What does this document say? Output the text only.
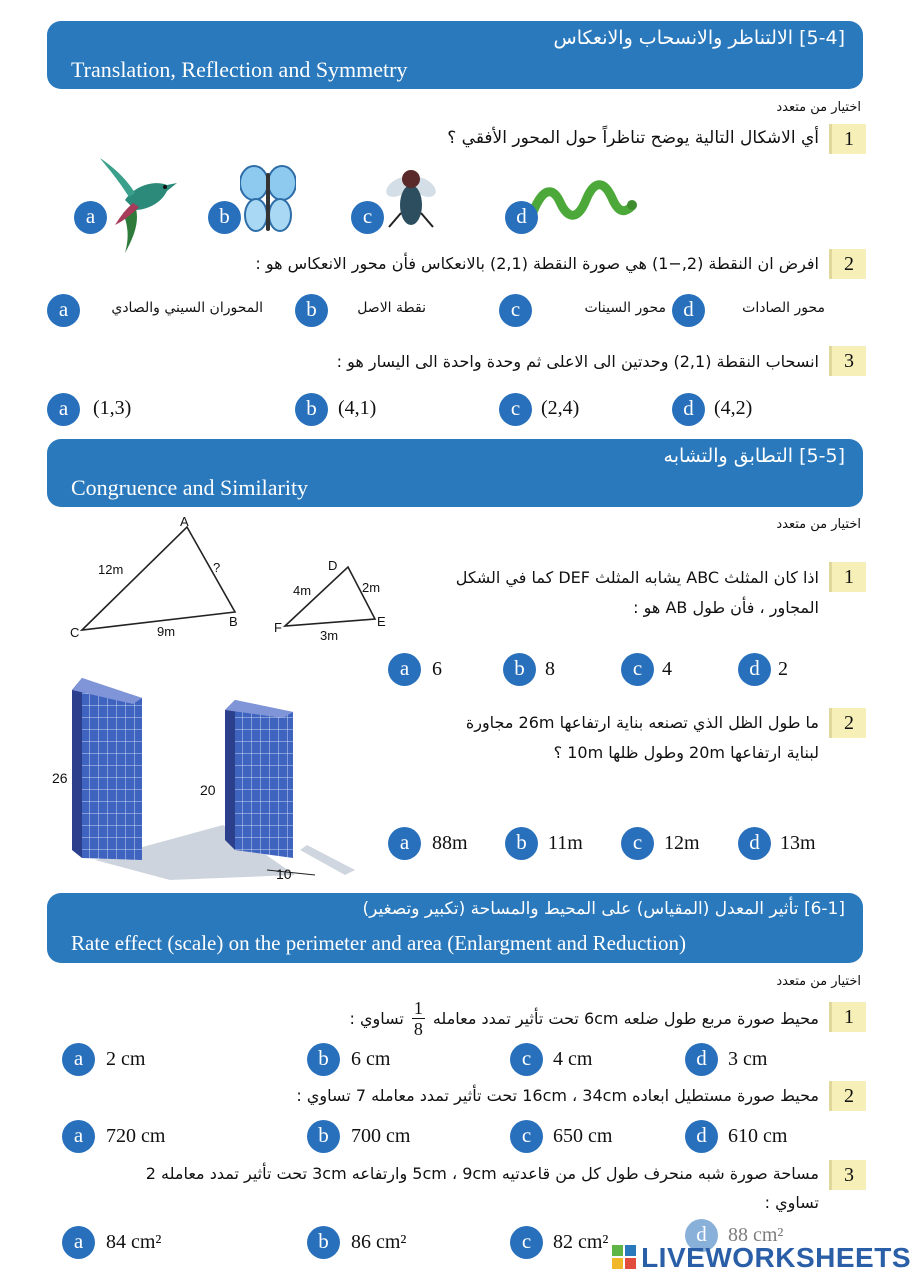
[5-4] الالتناظر والانسحاب والانعكاس
Translation, Reflection and Symmetry
اختيار من متعدد
1
أي الاشكال التالية يوضح تناظراً حول المحور الأفقي ؟
a	b	c	d
2
افرض ان النقطة (2,−1) هي صورة النقطة (2,1) بالانعكاس فأن محور الانعكاس هو :
a	المحوران السيني والصادي	b	نقطة الاصل	c	محور السينات d	محور الصادات
3
انسحاب النقطة (2,1) وحدتين الى الاعلى ثم وحدة واحدة الى اليسار هو :
a	(1,3)	b	(4,1)	c	(2,4)	d	(4,2)
[5-5] التطابق والتشابه
Congruence and Similarity
اختيار من متعدد
A
B
C
12m	?
9m
D
E
F
4m	2m
3m
1
اذا كان المثلث ABC يشابه المثلث DEF كما في الشكل
المجاور ، فأن طول AB هو :
a	6	b	8	c 4	d 2
26
20
10
2
ما طول الظل الذي تصنعه بناية ارتفاعها 26m مجاورة
لبناية ارتفاعها 20m وطول ظلها 10m ؟
a	88m	b	11m	c	12m	d	13m
[6-1] تأثير المعدل (المقياس) على المحيط والمساحة (تكبير وتصغير)
Rate effect (scale) on the perimeter and area (Enlargment and Reduction)
اختيار من متعدد
1
محيط صورة مربع طول ضلعه 6cm تحت تأثير تمدد معامله
$\frac{1}{8}$
تساوي :
a	2 cm	b	6 cm	c	4 cm	d	3 cm
2
محيط صورة مستطيل ابعاده 16cm ، 34cm تحت تأثير تمدد معامله 7 تساوي :
a	720 cm	b	700 cm	c	650 cm	d	610 cm
3
مساحة صورة شبه منحرف طول كل من قاعدتيه 5cm ، 9cm وارتفاعه 3cm تحت تأثير تمدد معامله 2
تساوي :
a	84 cm²	b	86 cm²	c	82 cm²	d	88 cm²
LIVEWORKSHEETS
